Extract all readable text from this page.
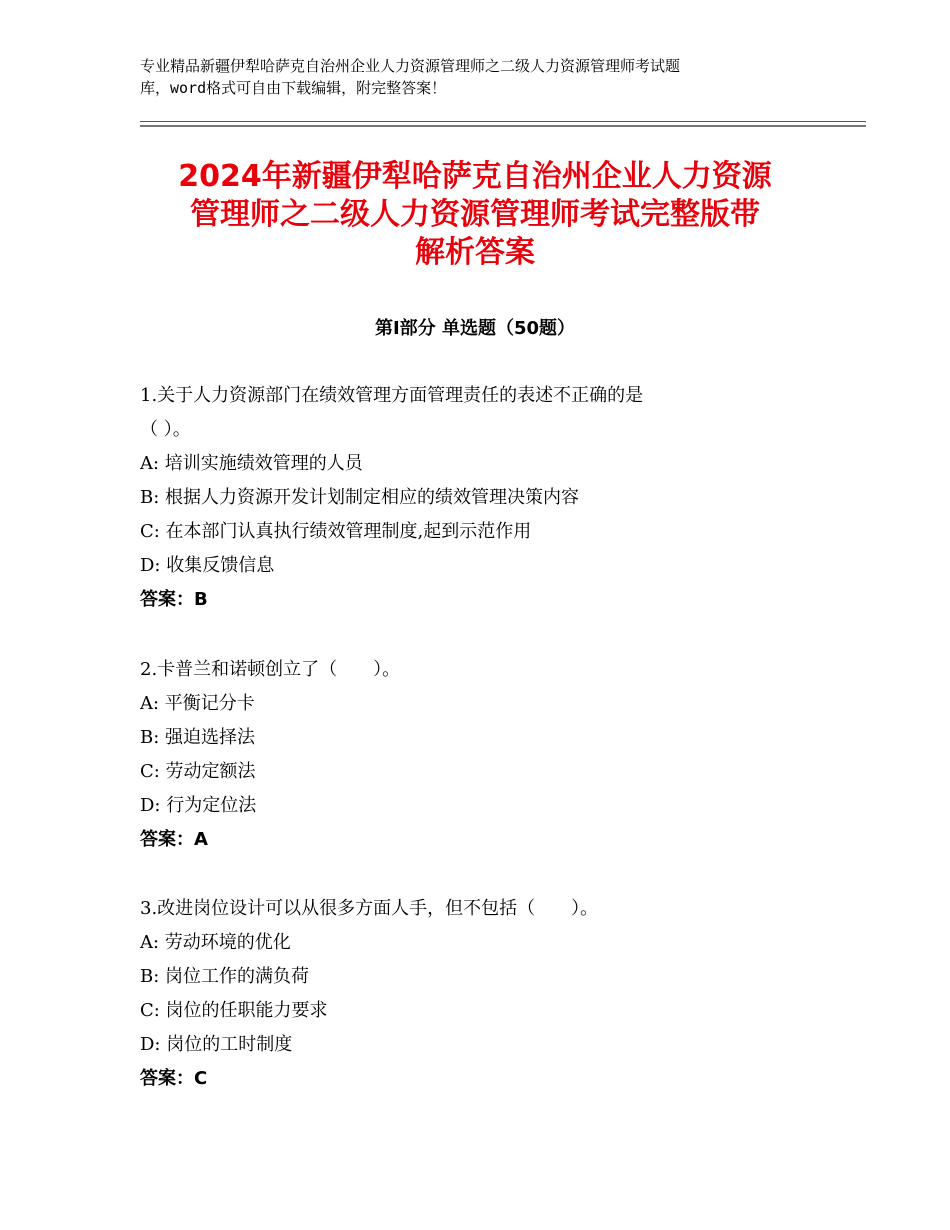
专业精品新疆伊犁哈萨克自治州企业人力资源管理师之二级人力资源管理师考试题
库，word格式可自由下载编辑，附完整答案！
2024年新疆伊犁哈萨克自治州企业人力资源
管理师之二级人力资源管理师考试完整版带
解析答案
第Ⅰ部分 单选题（50题）
1.关于人力资源部门在绩效管理方面管理责任的表述不正确的是
（ ）。
A: 培训实施绩效管理的人员
B: 根据人力资源开发计划制定相应的绩效管理决策内容
C: 在本部门认真执行绩效管理制度,起到示范作用
D: 收集反馈信息
答案：B
2.卡普兰和诺顿创立了（　　）。
A: 平衡记分卡
B: 强迫选择法
C: 劳动定额法
D: 行为定位法
答案：A
3.改进岗位设计可以从很多方面人手，但不包括（　　）。
A: 劳动环境的优化
B: 岗位工作的满负荷
C: 岗位的任职能力要求
D: 岗位的工时制度
答案：C
